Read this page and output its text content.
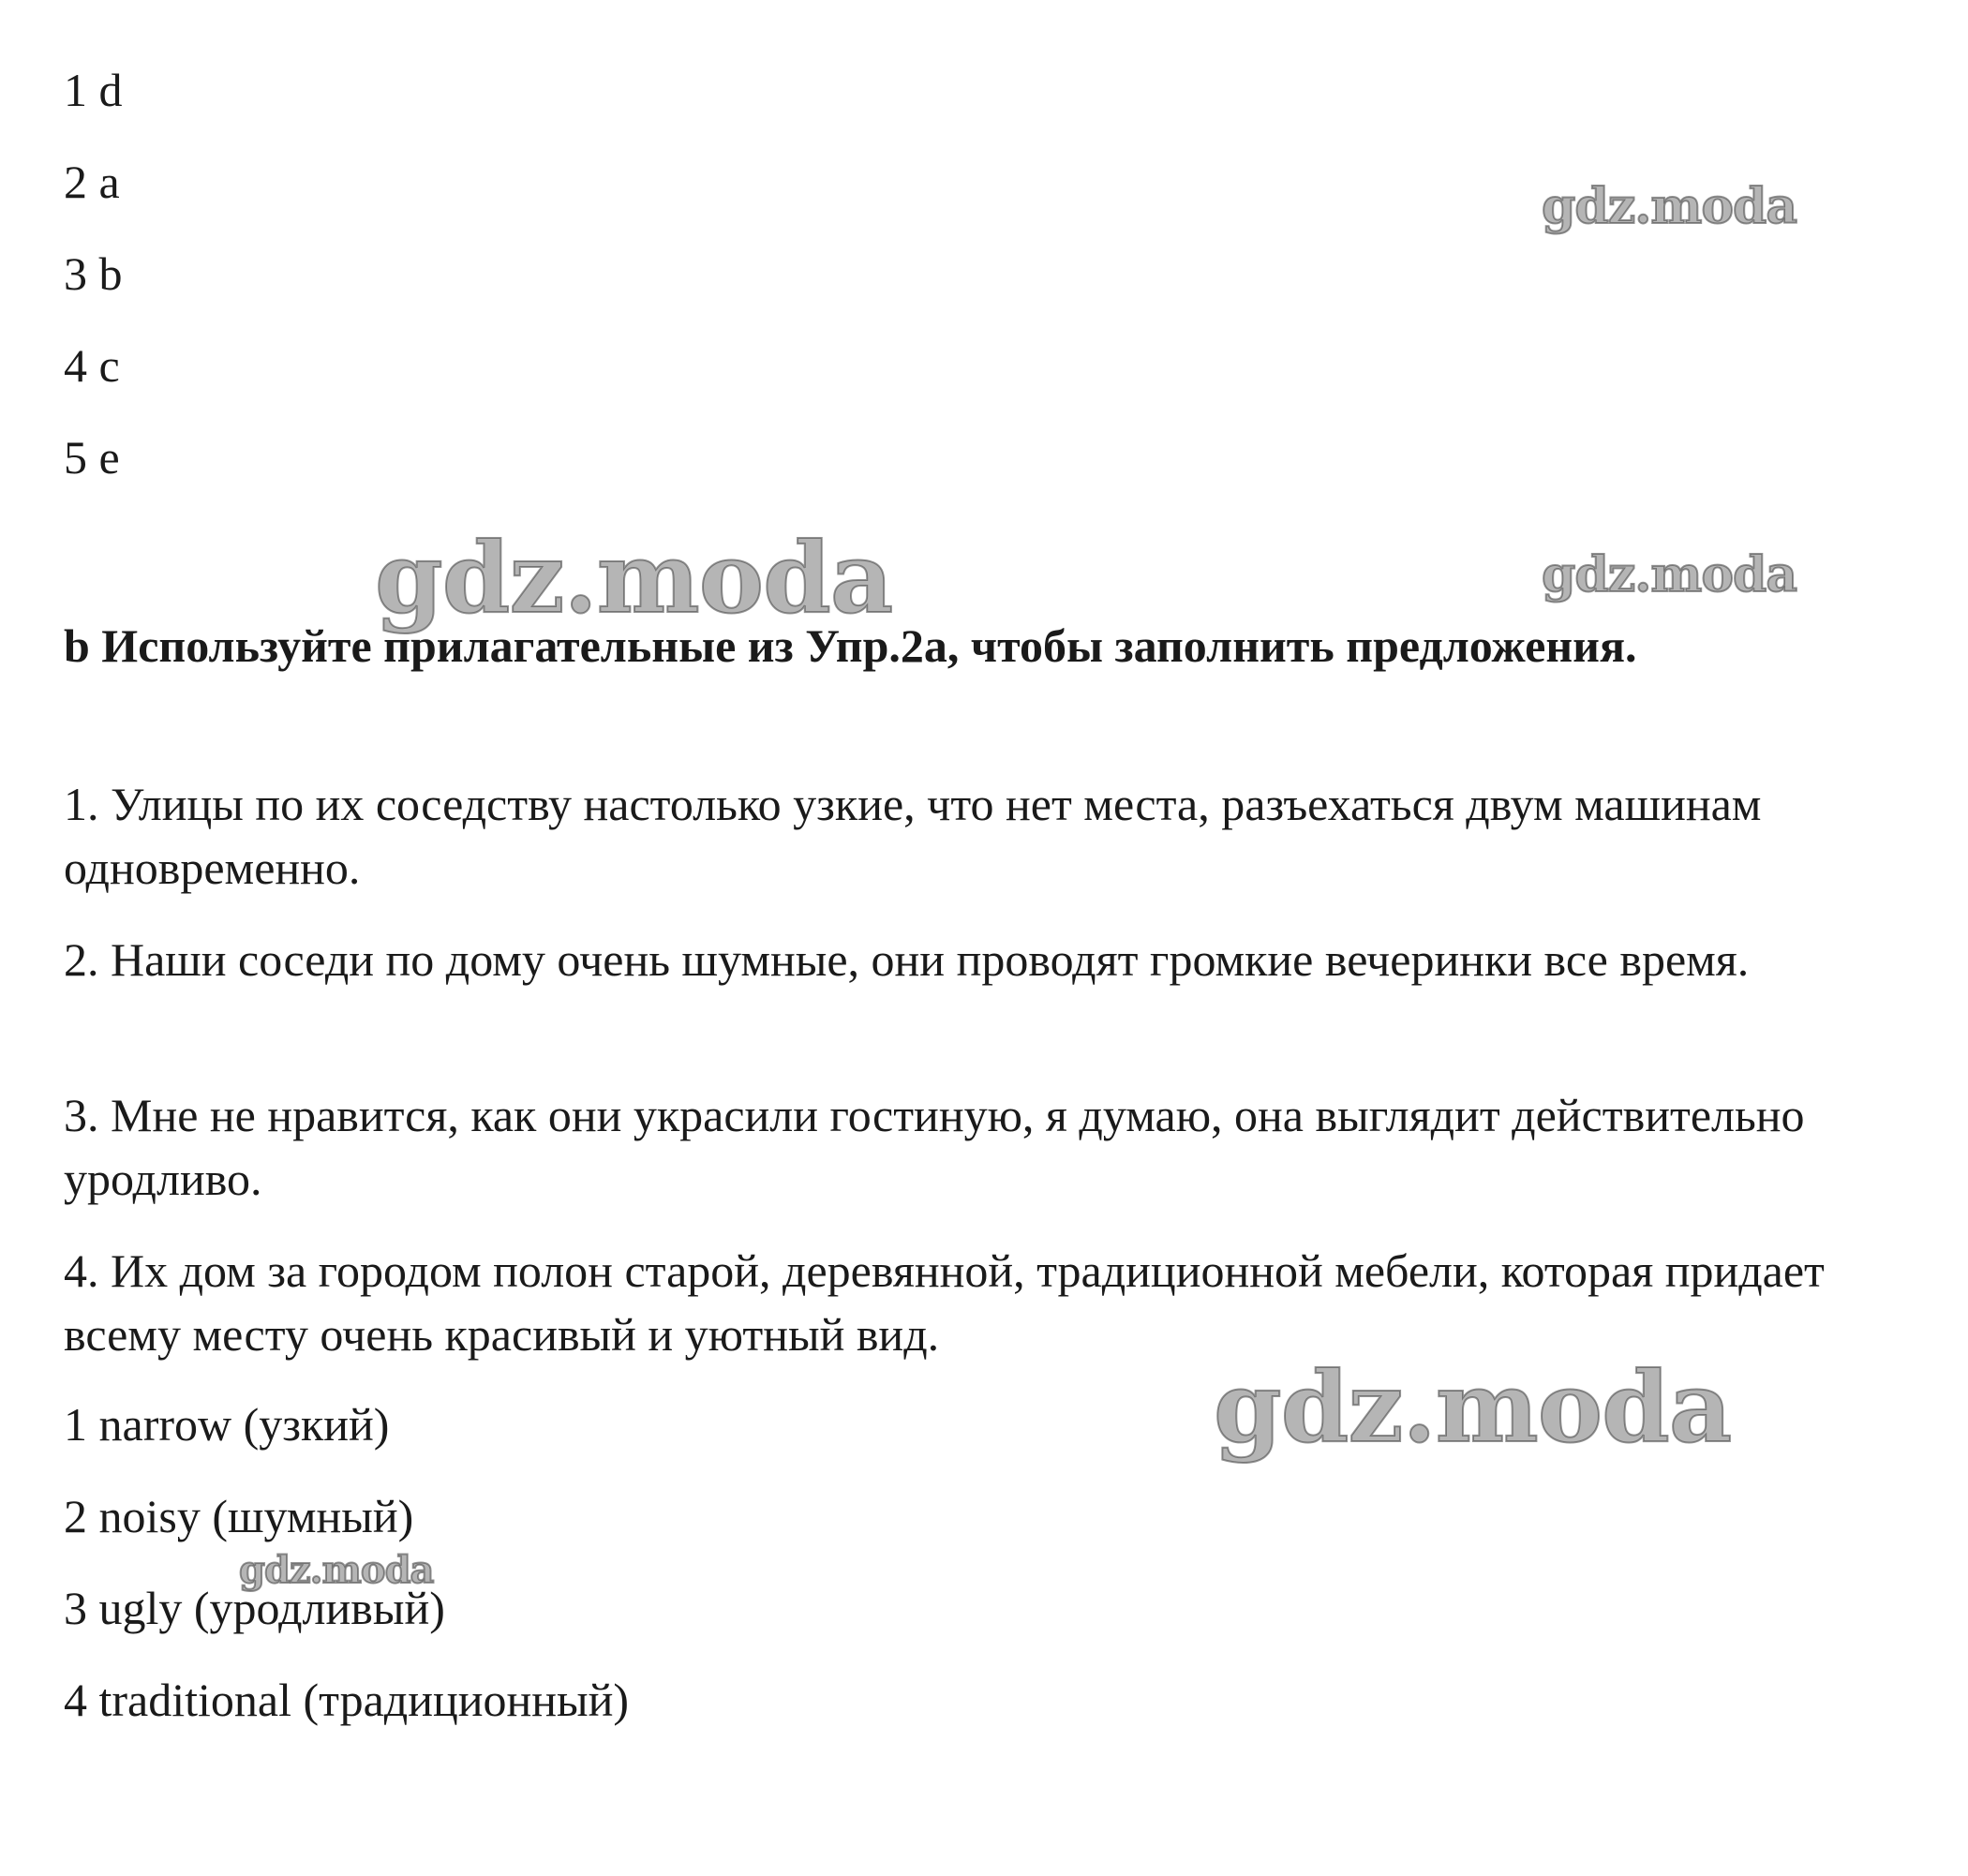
1 d
2 a
3 b
4 c
5 e
b Используйте прилагательные из Упр.2a, чтобы заполнить предложения.
1. Улицы по их соседству настолько узкие, что нет места, разъехаться двум машинам одновременно.
2. Наши соседи по дому очень шумные, они проводят громкие вечеринки все время.
3. Мне не нравится, как они украсили гостиную, я думаю, она выглядит действительно уродливо.
4. Их дом за городом полон старой, деревянной, традиционной мебели, которая придает всему месту очень красивый и уютный вид.
1 narrow (узкий)
2 noisy (шумный)
3 ugly (уродливый)
4 traditional (традиционный)
gdz.moda
gdz.moda	gdz.moda
gdz.moda
gdz.moda
